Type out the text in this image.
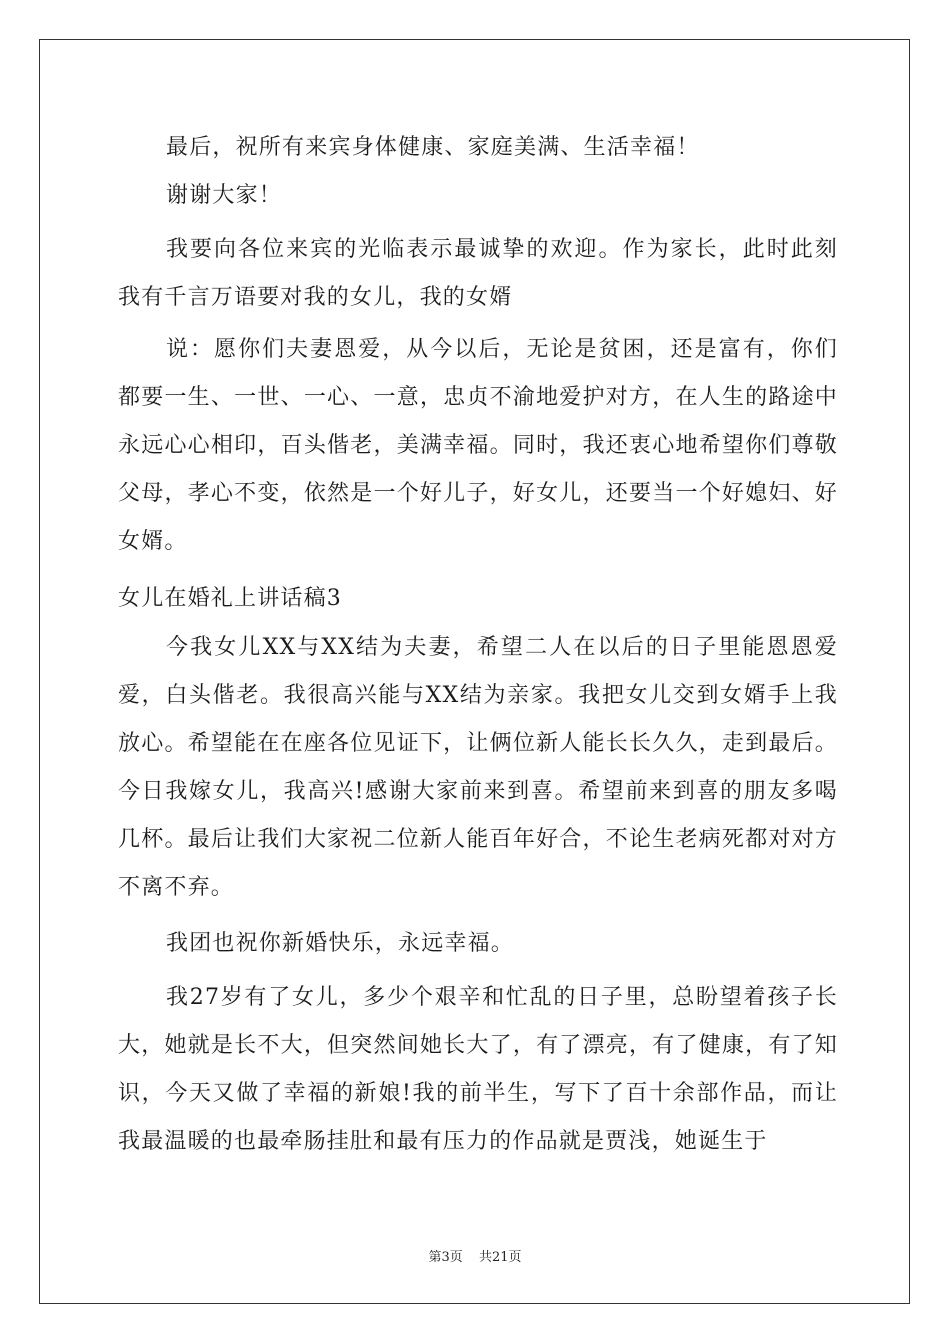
最后，祝所有来宾身体健康、家庭美满、生活幸福！

谢谢大家！

我要向各位来宾的光临表示最诚挚的欢迎。作为家长，此时此刻我有千言万语要对我的女儿，我的女婿

说：愿你们夫妻恩爱，从今以后，无论是贫困，还是富有，你们都要一生、一世、一心、一意，忠贞不渝地爱护对方，在人生的路途中永远心心相印，百头偕老，美满幸福。同时，我还衷心地希望你们尊敬父母，孝心不变，依然是一个好儿子，好女儿，还要当一个好媳妇、好女婿。

女儿在婚礼上讲话稿3

今我女儿XX与XX结为夫妻，希望二人在以后的日子里能恩恩爱爱，白头偕老。我很高兴能与XX结为亲家。我把女儿交到女婿手上我放心。希望能在在座各位见证下，让俩位新人能长长久久，走到最后。今日我嫁女儿，我高兴!感谢大家前来到喜。希望前来到喜的朋友多喝几杯。最后让我们大家祝二位新人能百年好合，不论生老病死都对对方不离不弃。

我团也祝你新婚快乐，永远幸福。

我27岁有了女儿，多少个艰辛和忙乱的日子里，总盼望着孩子长大，她就是长不大，但突然间她长大了，有了漂亮，有了健康，有了知识，今天又做了幸福的新娘!我的前半生，写下了百十余部作品，而让我最温暖的也最牵肠挂肚和最有压力的作品就是贾浅，她诞生于

第3页 共21页
